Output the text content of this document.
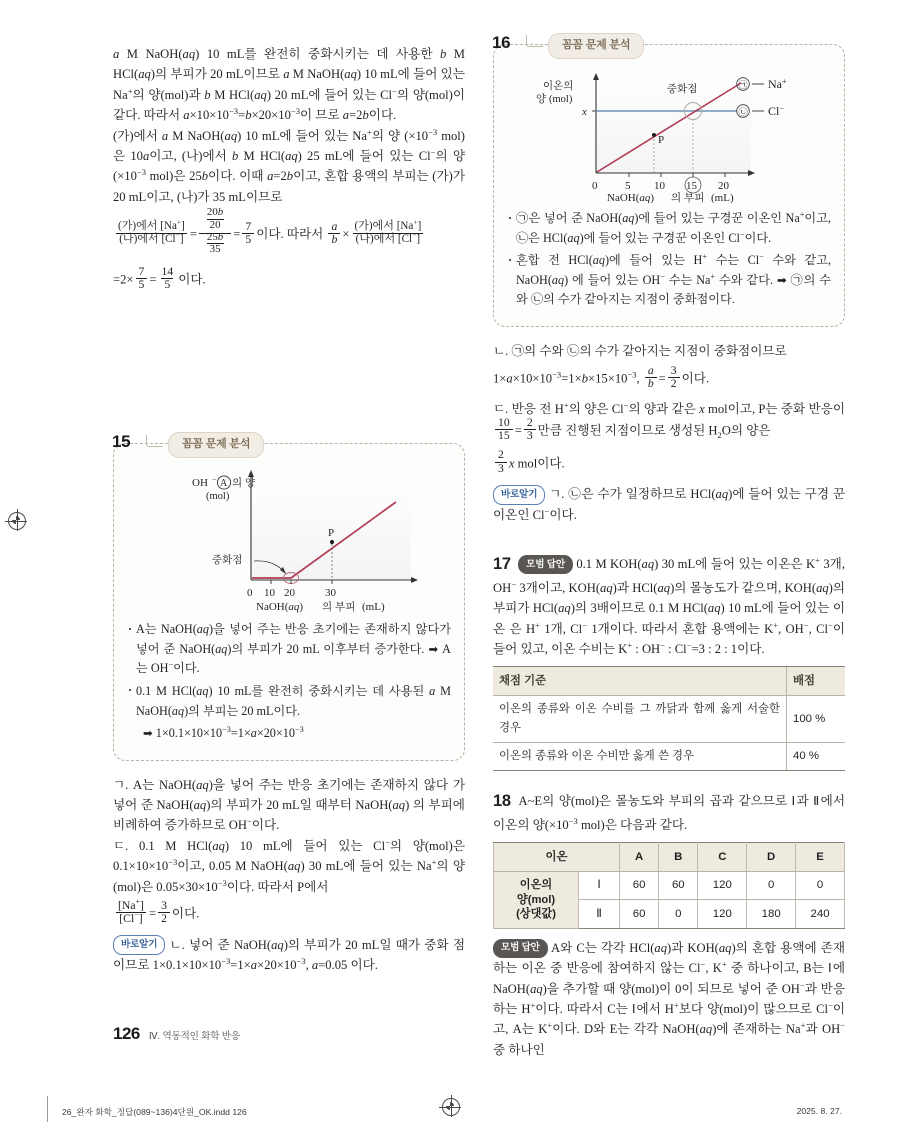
a M NaOH(aq) 10 mL를 완전히 중화시키는 데 사용한 b M HCl(aq)의 부피가 20 mL이므로 a M NaOH(aq) 10 mL에 들어 있는 Na+의 양(mol)과 b M HCl(aq) 20 mL에 들어 있는 Cl−의 양(mol)이 같다. 따라서 $a\times 10\times 10^{-3}=b\times 20\times 10^{-3}$이 므로 a=2b이다.

(가)에서 a M NaOH(aq) 10 mL에 들어 있는 Na+의 양 ($\times 10^{-3}$ mol)은 10a이고, (나)에서 b M HCl(aq) 25 mL에 들어 있는 Cl−의 양($\times 10^{-3}$ mol)은 25b이다. 이때 a=2b이고, 혼합 용액의 부피는 (가)가 20 mL이고, (나)가 35 mL이므로

$\frac{(가)에서 [Na^+]}{(나)에서 [Cl^-]} = \frac{\frac{20b}{20}}{\frac{25b}{35}} = \frac{7}{5}$ 이다. 따라서 $\frac{a}{b} \times \frac{(가)에서 [Na^+]}{(나)에서 [Cl^-]}$

$=2\times \frac{7}{5} = \frac{14}{5}$ 이다.

15	꼼꼼 문제 분석
OH − A 의 양
(mol)
중화점
P
0 10 20	30
NaOH(aq) 의 부피 (mL)
· A는 NaOH(aq)을 넣어 주는 반응 초기에는 존재하지 않다가 넣어 준 NaOH(aq)의 부피가 20 mL 이후부터 증가한다. ➡ A는 OH−이다.
· 0.1 M HCl(aq) 10 mL를 완전히 중화시키는 데 사용된 a M NaOH(aq)의 부피는 20 mL이다.
➡ $1\times 0.1\times 10\times 10^{-3}=1\times a\times 20\times 10^{-3}$

ㄱ. A는 NaOH(aq)을 넣어 주는 반응 초기에는 존재하지 않다 가 넣어 준 NaOH(aq)의 부피가 20 mL일 때부터 NaOH(aq) 의 부피에 비례하여 증가하므로 OH−이다.

ㄷ. 0.1 M HCl(aq) 10 mL에 들어 있는 Cl−의 양(mol)은 $0.1\times 10\times 10^{-3}$이고, 0.05 M NaOH(aq) 30 mL에 들어 있는 Na+의 양(mol)은 $0.05\times 30\times 10^{-3}$이다. 따라서 P에서

$\frac{[Na^+]}{[Cl^-]} = \frac{3}{2}$ 이다.

바로알기 ㄴ. 넣어 준 NaOH(aq)의 부피가 20 mL일 때가 중화 점이므로 $1\times 0.1\times 10\times 10^{-3}=1\times a\times 20\times 10^{-3}$, a=0.05 이다.

16	꼼꼼 문제 분석
이온의
양 (mol)
x
중화점
P
㉠ Na+
㉡ Cl−
0	5 10 15 20
NaOH(aq) 의 부피 (mL)
· ㉠은 넣어 준 NaOH(aq)에 들어 있는 구경꾼 이온인 Na+이고, ㉡은 HCl(aq)에 들어 있는 구경꾼 이온인 Cl−이다.
· 혼합 전 HCl(aq)에 들어 있는 H+ 수는 Cl− 수와 같고, NaOH(aq) 에 들어 있는 OH− 수는 Na+ 수와 같다. ➡ ㉠의 수와 ㉡의 수가 같아지는 지점이 중화점이다.

ㄴ. ㉠의 수와 ㉡의 수가 같아지는 지점이 중화점이므로

$1\times a\times 10\times 10^{-3}=1\times b\times 15\times 10^{-3}$, $\frac{a}{b} = \frac{3}{2}$ 이다.

ㄷ. 반응 전 H+의 양은 Cl−의 양과 같은 x mol이고, P는 중화 반응이
$\frac{10}{15} = \frac{2}{3}$ 만큼 진행된 지점이므로 생성된 $H_2O$의 양은

$\frac{2}{3}$ x mol이다.

바로알기 ㄱ. ㉡은 수가 일정하므로 HCl(aq)에 들어 있는 구경 꾼 이온인 Cl−이다.

17 모범 답안 0.1 M KOH(aq) 30 mL에 들어 있는 이온은 K+ 3개, OH− 3개이고, KOH(aq)과 HCl(aq)의 몰농도가 같으며, KOH(aq)의 부피가 HCl(aq)의 3배이므로 0.1 M HCl(aq) 10 mL에 들어 있는 이온 은 H+ 1개, Cl− 1개이다. 따라서 혼합 용액에는 K+, OH−, Cl−이 들어 있고, 이온 수비는 K+ : OH− : Cl−=3 : 2 : 1이다.

채점 기준	배점
이온의 종류와 이온 수비를 그 까닭과 함께 옳게 서술한 경우	100 %
이온의 종류와 이온 수비만 옳게 쓴 경우	40 %

18 A~E의 양(mol)은 몰농도와 부피의 곱과 같으므로 Ⅰ과 Ⅱ에서 이온의 양($\times 10^{-3}$ mol)은 다음과 같다.

이온		A	B	C	D	E
이온의
양(mol)
(상댓값)	Ⅰ	60	60	120	0	0
	Ⅱ	60	0	120	180	240

모범 답안 A와 C는 각각 HCl(aq)과 KOH(aq)의 혼합 용액에 존재하는 이온 중 반응에 참여하지 않는 Cl−, K+ 중 하나이고, B는 Ⅰ에 NaOH(aq)을 추가할 때 양(mol)이 0이 되므로 넣어 준 OH−과 반응하는 H+이다. 따라서 C는 Ⅰ에서 H+보다 양(mol)이 많으므로 Cl−이고, A는 K+이다. D와 E는 각각 NaOH(aq)에 존재하는 Na+과 OH− 중 하나인

126 Ⅳ. 역동적인 화학 반응
26_완자 화학_정답(089~136)4단원_OK.indd 126	2025. 8. 27.
